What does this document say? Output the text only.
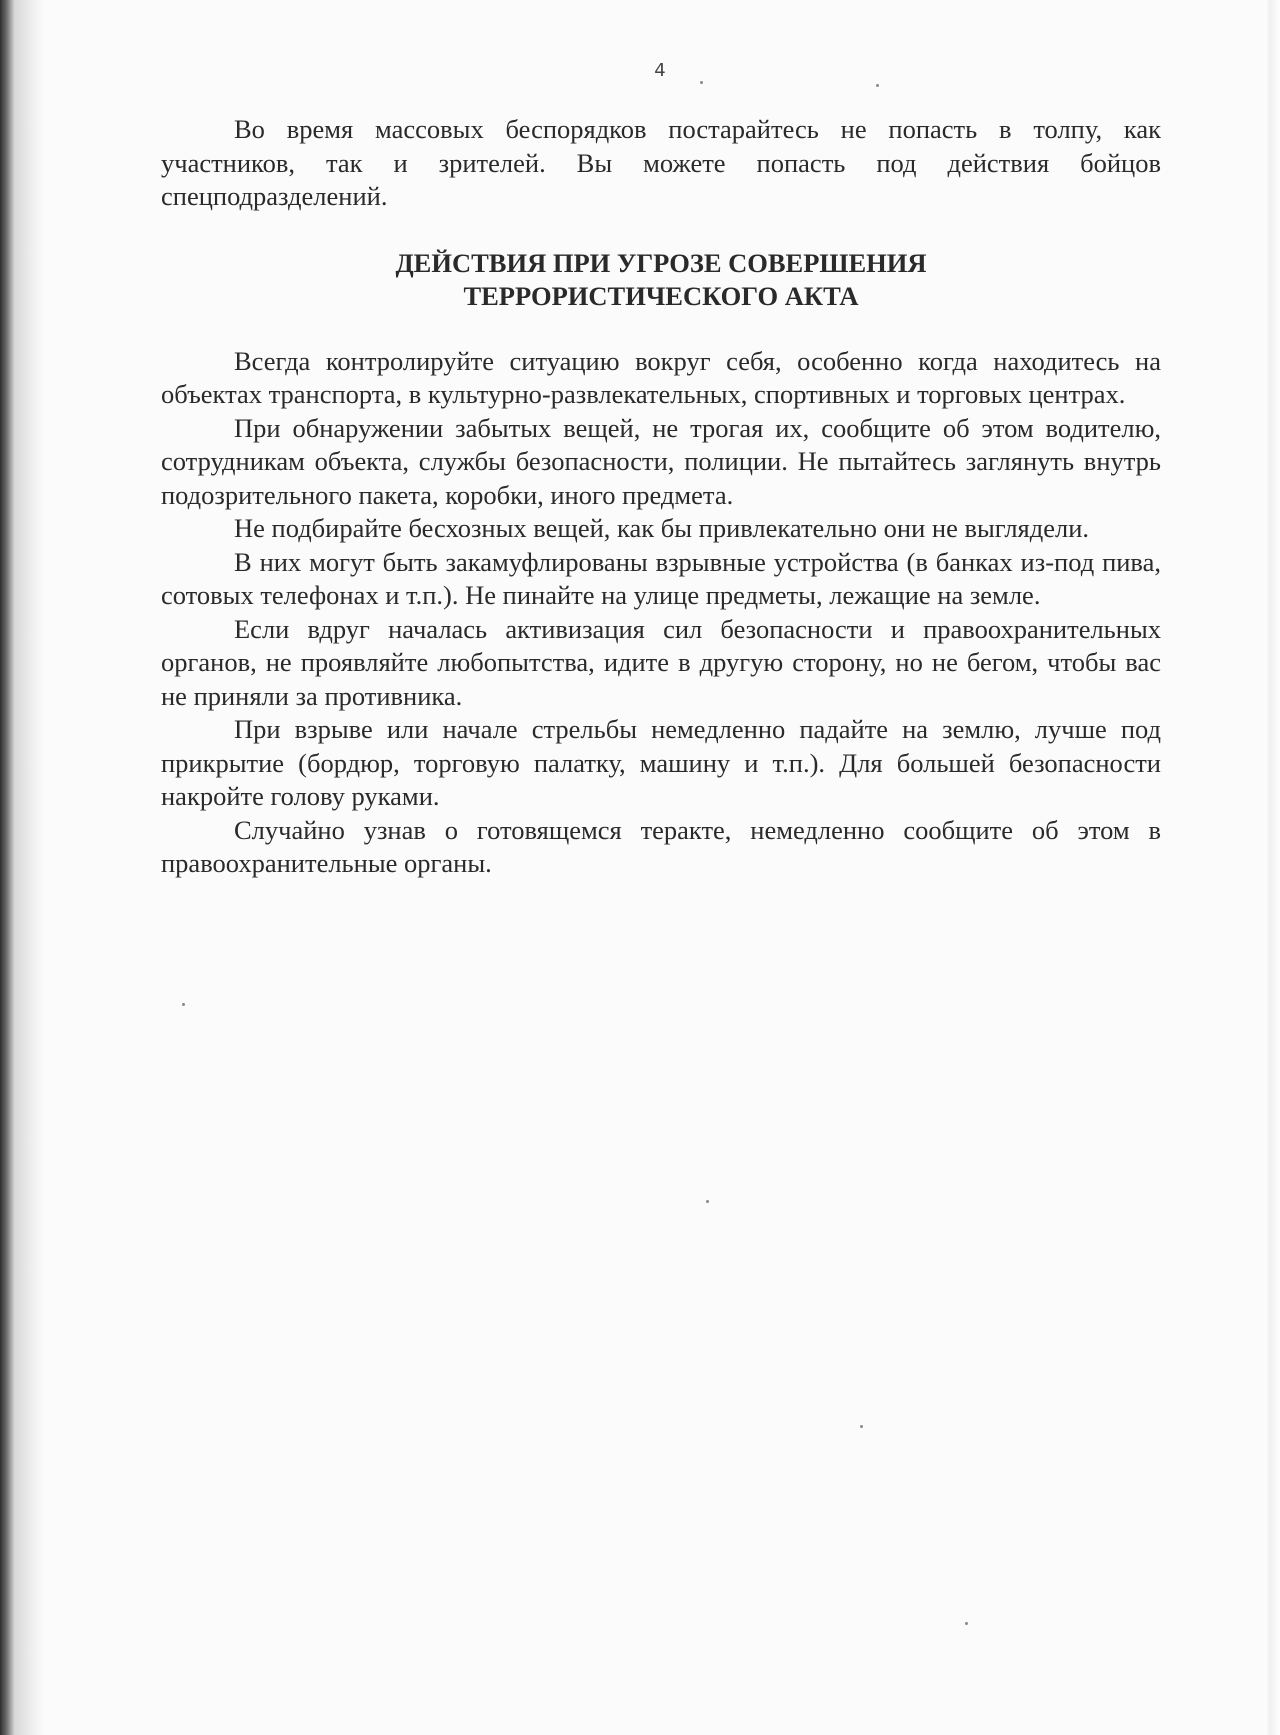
4

Во время массовых беспорядков постарайтесь не попасть в толпу, как участников, так и зрителей. Вы можете попасть под действия бойцов спецподразделений.

ДЕЙСТВИЯ ПРИ УГРОЗЕ СОВЕРШЕНИЯ
ТЕРРОРИСТИЧЕСКОГО АКТА

Всегда контролируйте ситуацию вокруг себя, особенно когда находитесь на объектах транспорта, в культурно-развлекательных, спортивных и торговых центрах.

При обнаружении забытых вещей, не трогая их, сообщите об этом водителю, сотрудникам объекта, службы безопасности, полиции. Не пытайтесь заглянуть внутрь подозрительного пакета, коробки, иного предмета.

Не подбирайте бесхозных вещей, как бы привлекательно они не выглядели.

В них могут быть закамуфлированы взрывные устройства (в банках из-под пива, сотовых телефонах и т.п.). Не пинайте на улице предметы, лежащие на земле.

Если вдруг началась активизация сил безопасности и правоохранительных органов, не проявляйте любопытства, идите в другую сторону, но не бегом, чтобы вас не приняли за противника.

При взрыве или начале стрельбы немедленно падайте на землю, лучше под прикрытие (бордюр, торговую палатку, машину и т.п.). Для большей безопасности накройте голову руками.

Случайно узнав о готовящемся теракте, немедленно сообщите об этом в правоохранительные органы.
